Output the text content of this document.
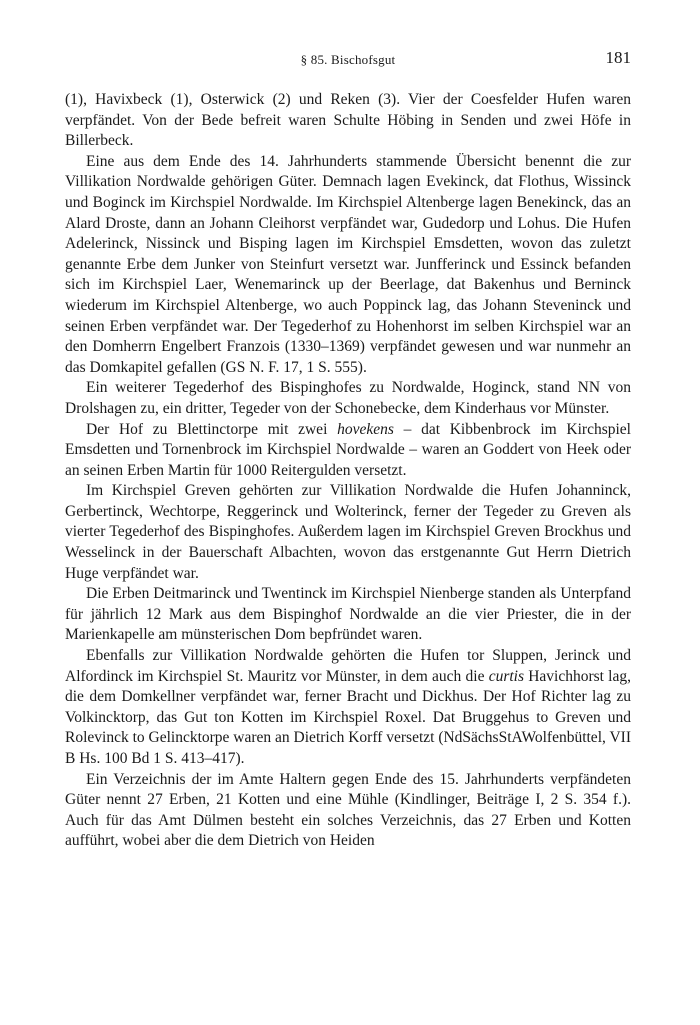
§ 85. Bischofsgut	181

(1), Havixbeck (1), Osterwick (2) und Reken (3). Vier der Coesfelder Hufen waren verpfändet. Von der Bede befreit waren Schulte Höbing in Senden und zwei Höfe in Billerbeck.

Eine aus dem Ende des 14. Jahrhunderts stammende Übersicht benennt die zur Villikation Nordwalde gehörigen Güter. Demnach lagen Evekinck, dat Flothus, Wissinck und Boginck im Kirchspiel Nordwalde. Im Kirchspiel Altenberge lagen Benekinck, das an Alard Droste, dann an Johann Cleihorst verpfändet war, Gudedorp und Lohus. Die Hufen Adelerinck, Nissinck und Bisping lagen im Kirchspiel Emsdetten, wovon das zuletzt genannte Erbe dem Junker von Steinfurt versetzt war. Junfferinck und Essinck befanden sich im Kirchspiel Laer, Wenemarinck up der Beerlage, dat Bakenhus und Berninck wiederum im Kirchspiel Altenberge, wo auch Poppinck lag, das Johann Steveninck und seinen Erben verpfändet war. Der Tegederhof zu Hohenhorst im selben Kirchspiel war an den Domherrn Engelbert Franzois (1330–1369) verpfändet gewesen und war nunmehr an das Domkapitel gefallen (GS N. F. 17, 1 S. 555).

Ein weiterer Tegederhof des Bispinghofes zu Nordwalde, Hoginck, stand NN von Drolshagen zu, ein dritter, Tegeder von der Schonebecke, dem Kinderhaus vor Münster.

Der Hof zu Blettinctorpe mit zwei hovekens – dat Kibbenbrock im Kirchspiel Emsdetten und Tornenbrock im Kirchspiel Nordwalde – waren an Goddert von Heek oder an seinen Erben Martin für 1000 Reitergulden versetzt.

Im Kirchspiel Greven gehörten zur Villikation Nordwalde die Hufen Johanninck, Gerbertinck, Wechtorpe, Reggerinck und Wolterinck, ferner der Tegeder zu Greven als vierter Tegederhof des Bispinghofes. Außerdem lagen im Kirchspiel Greven Brockhus und Wesselinck in der Bauerschaft Albachten, wovon das erstgenannte Gut Herrn Dietrich Huge verpfändet war.

Die Erben Deitmarinck und Twentinck im Kirchspiel Nienberge standen als Unterpfand für jährlich 12 Mark aus dem Bispinghof Nordwalde an die vier Priester, die in der Marienkapelle am münsterischen Dom bepfründet waren.

Ebenfalls zur Villikation Nordwalde gehörten die Hufen tor Sluppen, Jerinck und Alfordinck im Kirchspiel St. Mauritz vor Münster, in dem auch die curtis Havichhorst lag, die dem Domkellner verpfändet war, ferner Bracht und Dickhus. Der Hof Richter lag zu Volkincktorp, das Gut ton Kotten im Kirchspiel Roxel. Dat Bruggehus to Greven und Rolevinck to Gelincktorpe waren an Dietrich Korff versetzt (NdSächsStAWolfenbüttel, VII B Hs. 100 Bd 1 S. 413–417).

Ein Verzeichnis der im Amte Haltern gegen Ende des 15. Jahrhunderts verpfändeten Güter nennt 27 Erben, 21 Kotten und eine Mühle (Kindlinger, Beiträge I, 2 S. 354 f.). Auch für das Amt Dülmen besteht ein solches Verzeichnis, das 27 Erben und Kotten aufführt, wobei aber die dem Dietrich von Heiden
